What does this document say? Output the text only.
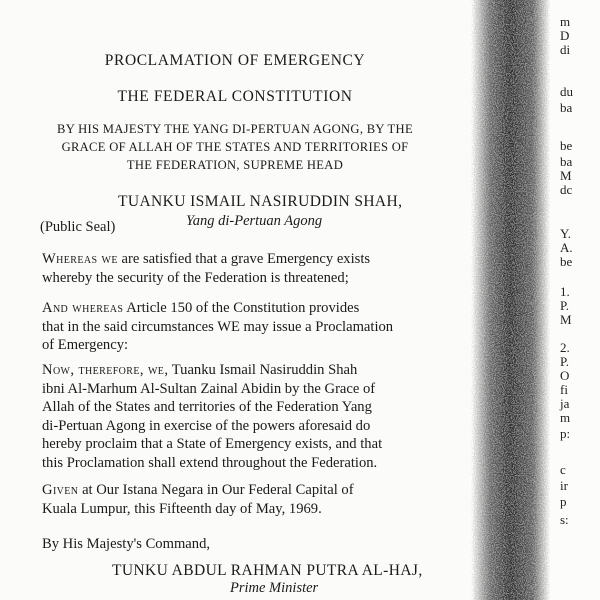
PROCLAMATION OF EMERGENCY
THE FEDERAL CONSTITUTION
BY HIS MAJESTY THE YANG DI-PERTUAN AGONG, BY THE
GRACE OF ALLAH OF THE STATES AND TERRITORIES OF
THE FEDERATION, SUPREME HEAD
TUANKU ISMAIL NASIRUDDIN SHAH,
(Public Seal)	Yang di-Pertuan Agong
Whereas we are satisfied that a grave Emergency exists
whereby the security of the Federation is threatened;
And whereas Article 150 of the Constitution provides
that in the said circumstances WE may issue a Proclamation
of Emergency:
Now, therefore, we, Tuanku Ismail Nasiruddin Shah
ibni Al-Marhum Al-Sultan Zainal Abidin by the Grace of
Allah of the States and territories of the Federation Yang
di-Pertuan Agong in exercise of the powers aforesaid do
hereby proclaim that a State of Emergency exists, and that
this Proclamation shall extend throughout the Federation.
Given at Our Istana Negara in Our Federal Capital of
Kuala Lumpur, this Fifteenth day of May, 1969.
By His Majesty's Command,
TUNKU ABDUL RAHMAN PUTRA AL-HAJ,
Prime Minister
m
D
di
du
ba
be
ba
M
dc
Y.
A.
be
1.
P.
M
2.
P.
O
fi
ja
m
p:
c
ir
p
s:
